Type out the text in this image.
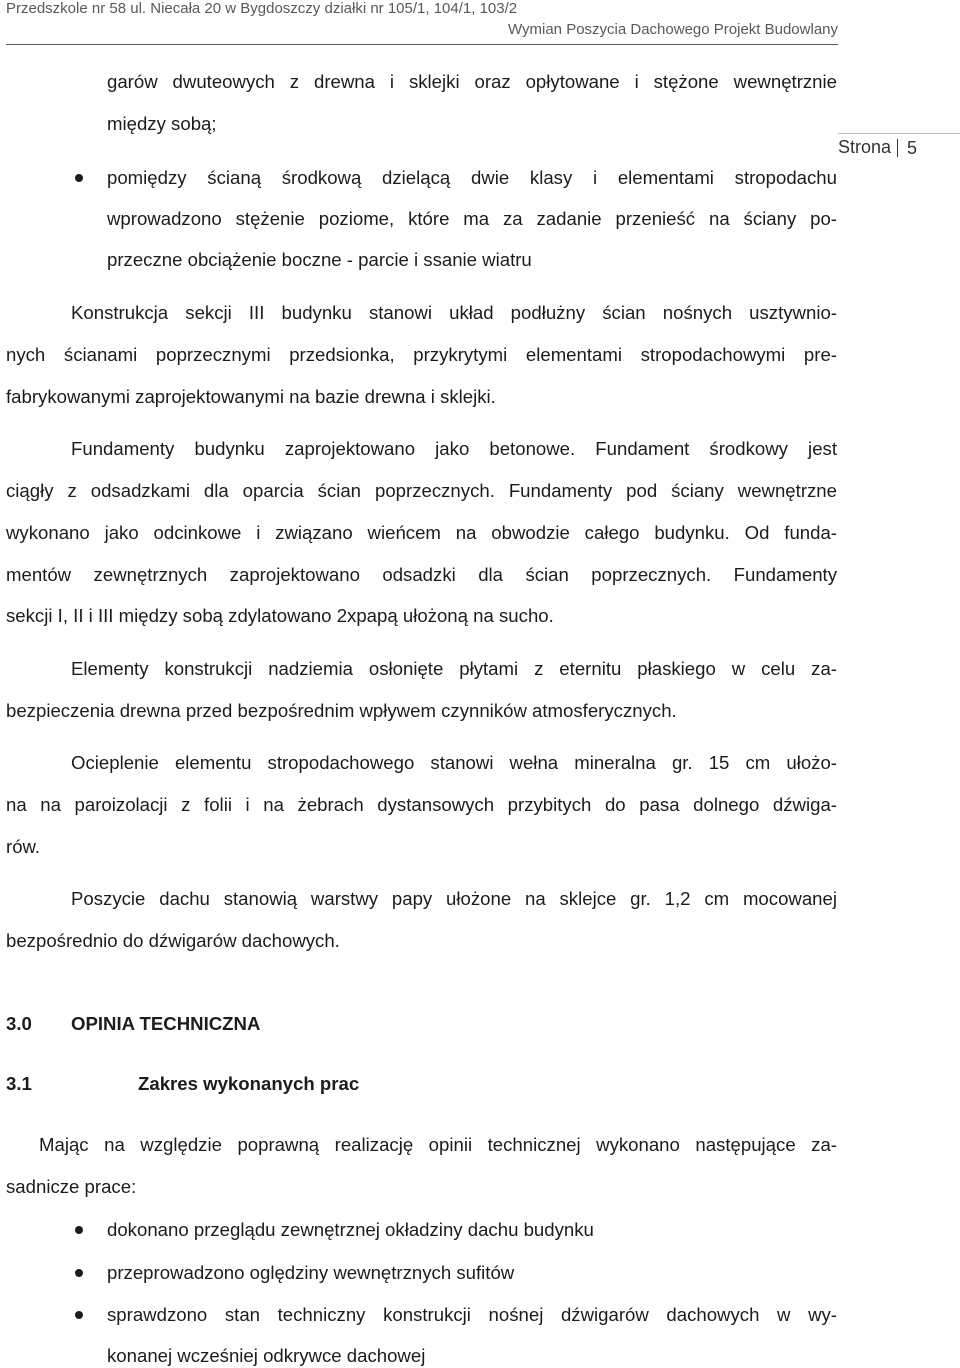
Przedszkole nr 58 ul. Niecała 20 w Bygdoszczy działki nr 105/1, 104/1, 103/2
Wymian Poszycia Dachowego Projekt Budowlany
Strona 5
garów dwuteowych z drewna i sklejki oraz opłytowane i stężone wewnętrznie
między sobą;
pomiędzy ścianą środkową dzielącą dwie klasy i elementami stropodachu
wprowadzono stężenie poziome, które ma za zadanie przenieść na ściany po-
przeczne obciążenie boczne - parcie i ssanie wiatru
Konstrukcja sekcji III budynku stanowi układ podłużny ścian nośnych usztywnio-
nych ścianami poprzecznymi przedsionka, przykrytymi elementami stropodachowymi pre-
fabrykowanymi zaprojektowanymi na bazie drewna i sklejki.
Fundamenty budynku zaprojektowano jako betonowe. Fundament środkowy jest
ciągły z odsadzkami dla oparcia ścian poprzecznych. Fundamenty pod ściany wewnętrzne
wykonano jako odcinkowe i związano wieńcem na obwodzie całego budynku. Od funda-
mentów zewnętrznych zaprojektowano odsadzki dla ścian poprzecznych. Fundamenty
sekcji I, II i III między sobą zdylatowano 2xpapą ułożoną na sucho.
Elementy konstrukcji nadziemia osłonięte płytami z eternitu płaskiego w celu za-
bezpieczenia drewna przed bezpośrednim wpływem czynników atmosferycznych.
Ocieplenie elementu stropodachowego stanowi wełna mineralna gr. 15 cm ułożo-
na na paroizolacji z folii i na żebrach dystansowych przybitych do pasa dolnego dźwiga-
rów.
Poszycie dachu stanowią warstwy papy ułożone na sklejce gr. 1,2 cm mocowanej
bezpośrednio do dźwigarów dachowych.
3.0 OPINIA TECHNICZNA
3.1	Zakres wykonanych prac
Mając na względzie poprawną realizację opinii technicznej wykonano następujące za-
sadnicze prace:
dokonano przeglądu zewnętrznej okładziny dachu budynku
przeprowadzono oględziny wewnętrznych sufitów
sprawdzono stan techniczny konstrukcji nośnej dźwigarów dachowych w wy-
konanej wcześniej odkrywce dachowej
